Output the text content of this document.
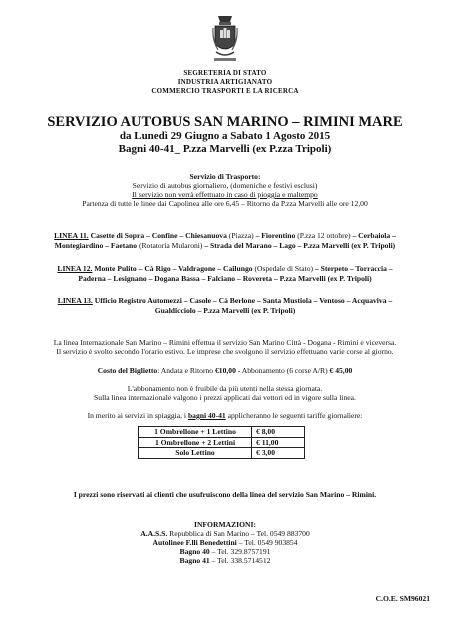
SEGRETERIA DI STATO
INDUSTRIA ARTIGIANATO
COMMERCIO TRASPORTI E LA RICERCA
SERVIZIO AUTOBUS SAN MARINO – RIMINI MARE
da Lunedì 29 Giugno a Sabato 1 Agosto 2015
Bagni 40-41_ P.zza Marvelli (ex P.zza Tripoli)
Servizio di Trasporto:
Servizio di autobus giornaliero, (domeniche e festivi esclusi)
Il servizio non verrà effettuato in caso di pioggia e maltempo
Partenza di tutte le linee dai Capolinea alle ore 6,45 – Ritorno da P.zza Marvelli alle ore 12,00
LINEA 11. Casette di Sopra – Confine – Chiesanuova (Piazza) – Fiorentino (P.zza 12 ottobre) – Cerbaiola –
Montegiardino – Faetano (Rotatoria Mularoni) – Strada del Marano – Lago – P.zza Marvelli (ex P. Tripoli)
LINEA 12. Monte Pulito – Cà Rigo – Valdragone – Cailungo (Ospedale di Stato) – Sterpeto – Torraccia –
Paderna – Lesignano – Dogana Bassa – Falciano – Rovereta – P.zza Marvelli (ex P. Tripoli)
LINEA 13. Ufficio Registro Automezzi – Casole – Cà Berlone – Santa Mustiola – Ventoso – Acquaviva –
Gualdicciolo – P.zza Marvelli (ex P. Tripoli)
La linea Internazionale San Marino – Rimini effettua il servizio San Marino Città - Dogana - Rimini e viceversa.
Il servizio è svolto secondo l'orario estivo. Le imprese che svolgono il servizio effettuano varie corse al giorno.
Costo del Biglietto: Andata e Ritorno €10,00 - Abbonamento (6 corse A/R) € 45,00
L'abbonamento non è fruibile da più utenti nella stessa giornata.
Sulla linea internazionale valgono i prezzi applicati dai vettori ed in vigore sulla linea.
In merito ai servizi in spiaggia, i bagni 40-41 applicheranno le seguenti tariffe giornaliere:
1 Ombrellone + 1 Lettino	€ 8,00
1 Ombrellone + 2 Lettini	€ 11,00
Solo Lettino	€ 3,00
I prezzi sono riservati ai clienti che usufruiscono della linea del servizio San Marino – Rimini.
INFORMAZIONI:
A.A.S.S. Repubblica di San Marino – Tel. 0549 883700
Autolinee F.lli Benedettini – Tel. 0549 903854
Bagno 40 – Tel. 329.8757191
Bagno 41 – Tel. 338.5714512
C.O.E. SM96021
